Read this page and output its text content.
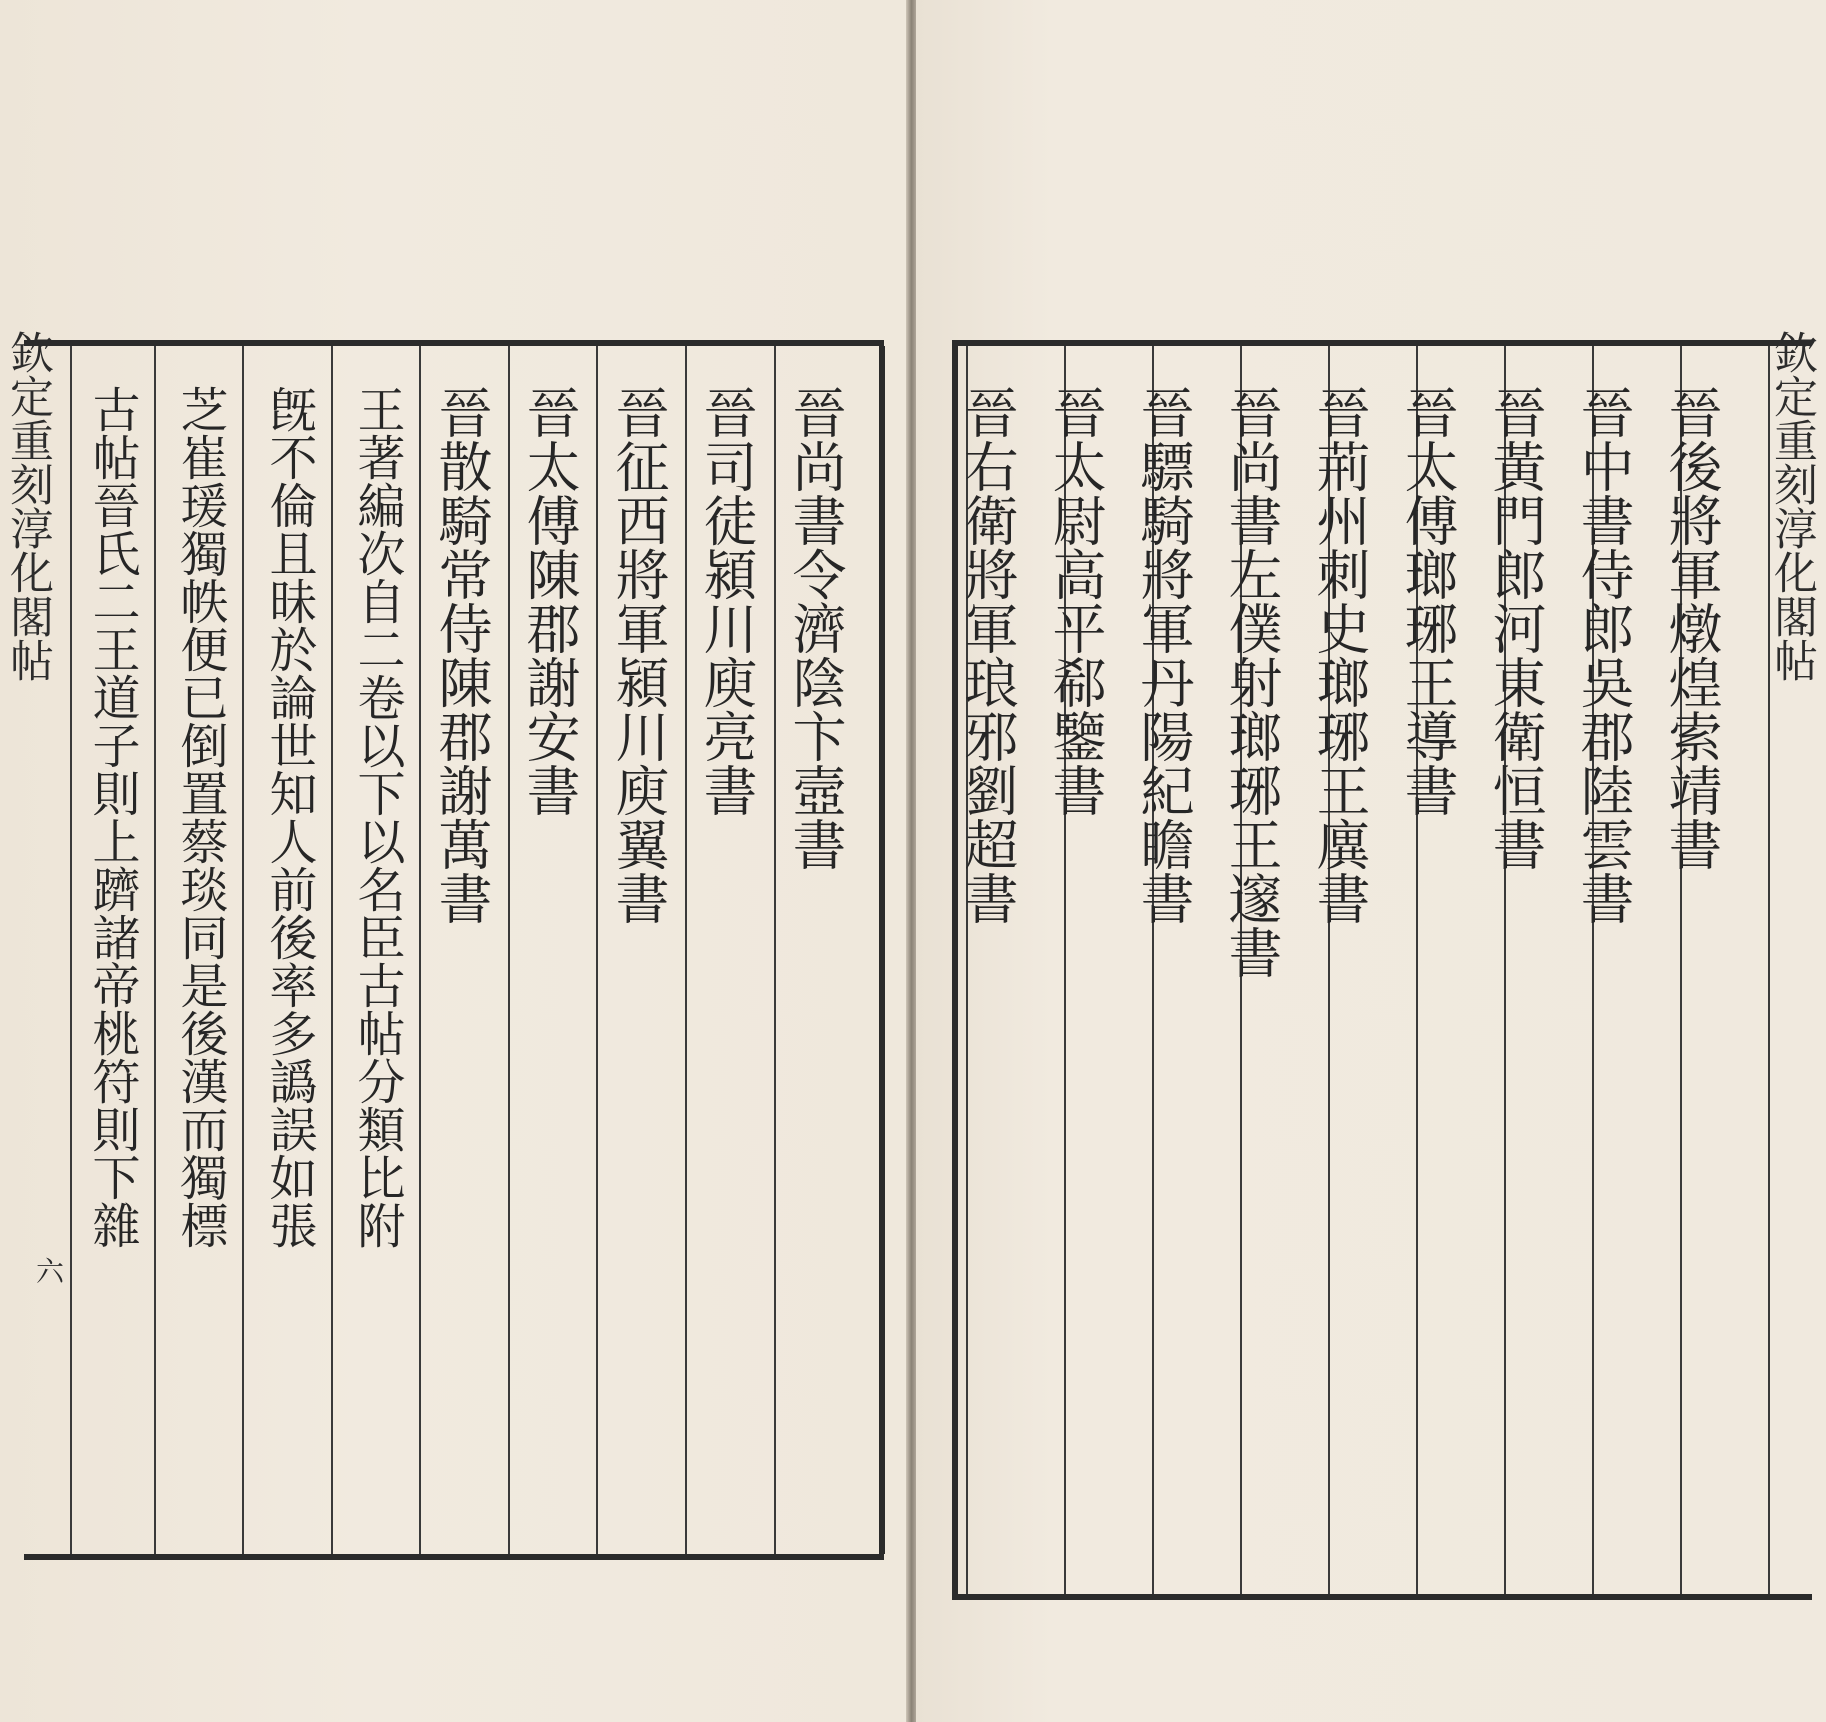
欽定重刻淳化閣帖	晉尚書令濟陰卞壼書
晉司徒潁川庾亮書
晉征西將軍潁川庾翼書
晉太傅陳郡謝安書
晉散騎常侍陳郡謝萬書
王著編次自二卷以下以名臣古帖分類比附
旣不倫且昧於論世知人前後率多譌誤如張
芝崔瑗獨帙便已倒置蔡琰同是後漢而獨標
古帖晉氏二王道子則上躋諸帝桃符則下雜
六
晉後將軍燉煌索靖書
晉中書侍郎吳郡陸雲書
晉黃門郎河東衛恒書
晉太傅瑯琊王導書
晉荊州刺史瑯琊王廙書
晉尚書左僕射瑯琊王邃書
晉驃騎將軍丹陽紀瞻書
晉太尉高平郗鑒書
晉右衛將軍琅邪劉超書	欽定重刻淳化閣帖
